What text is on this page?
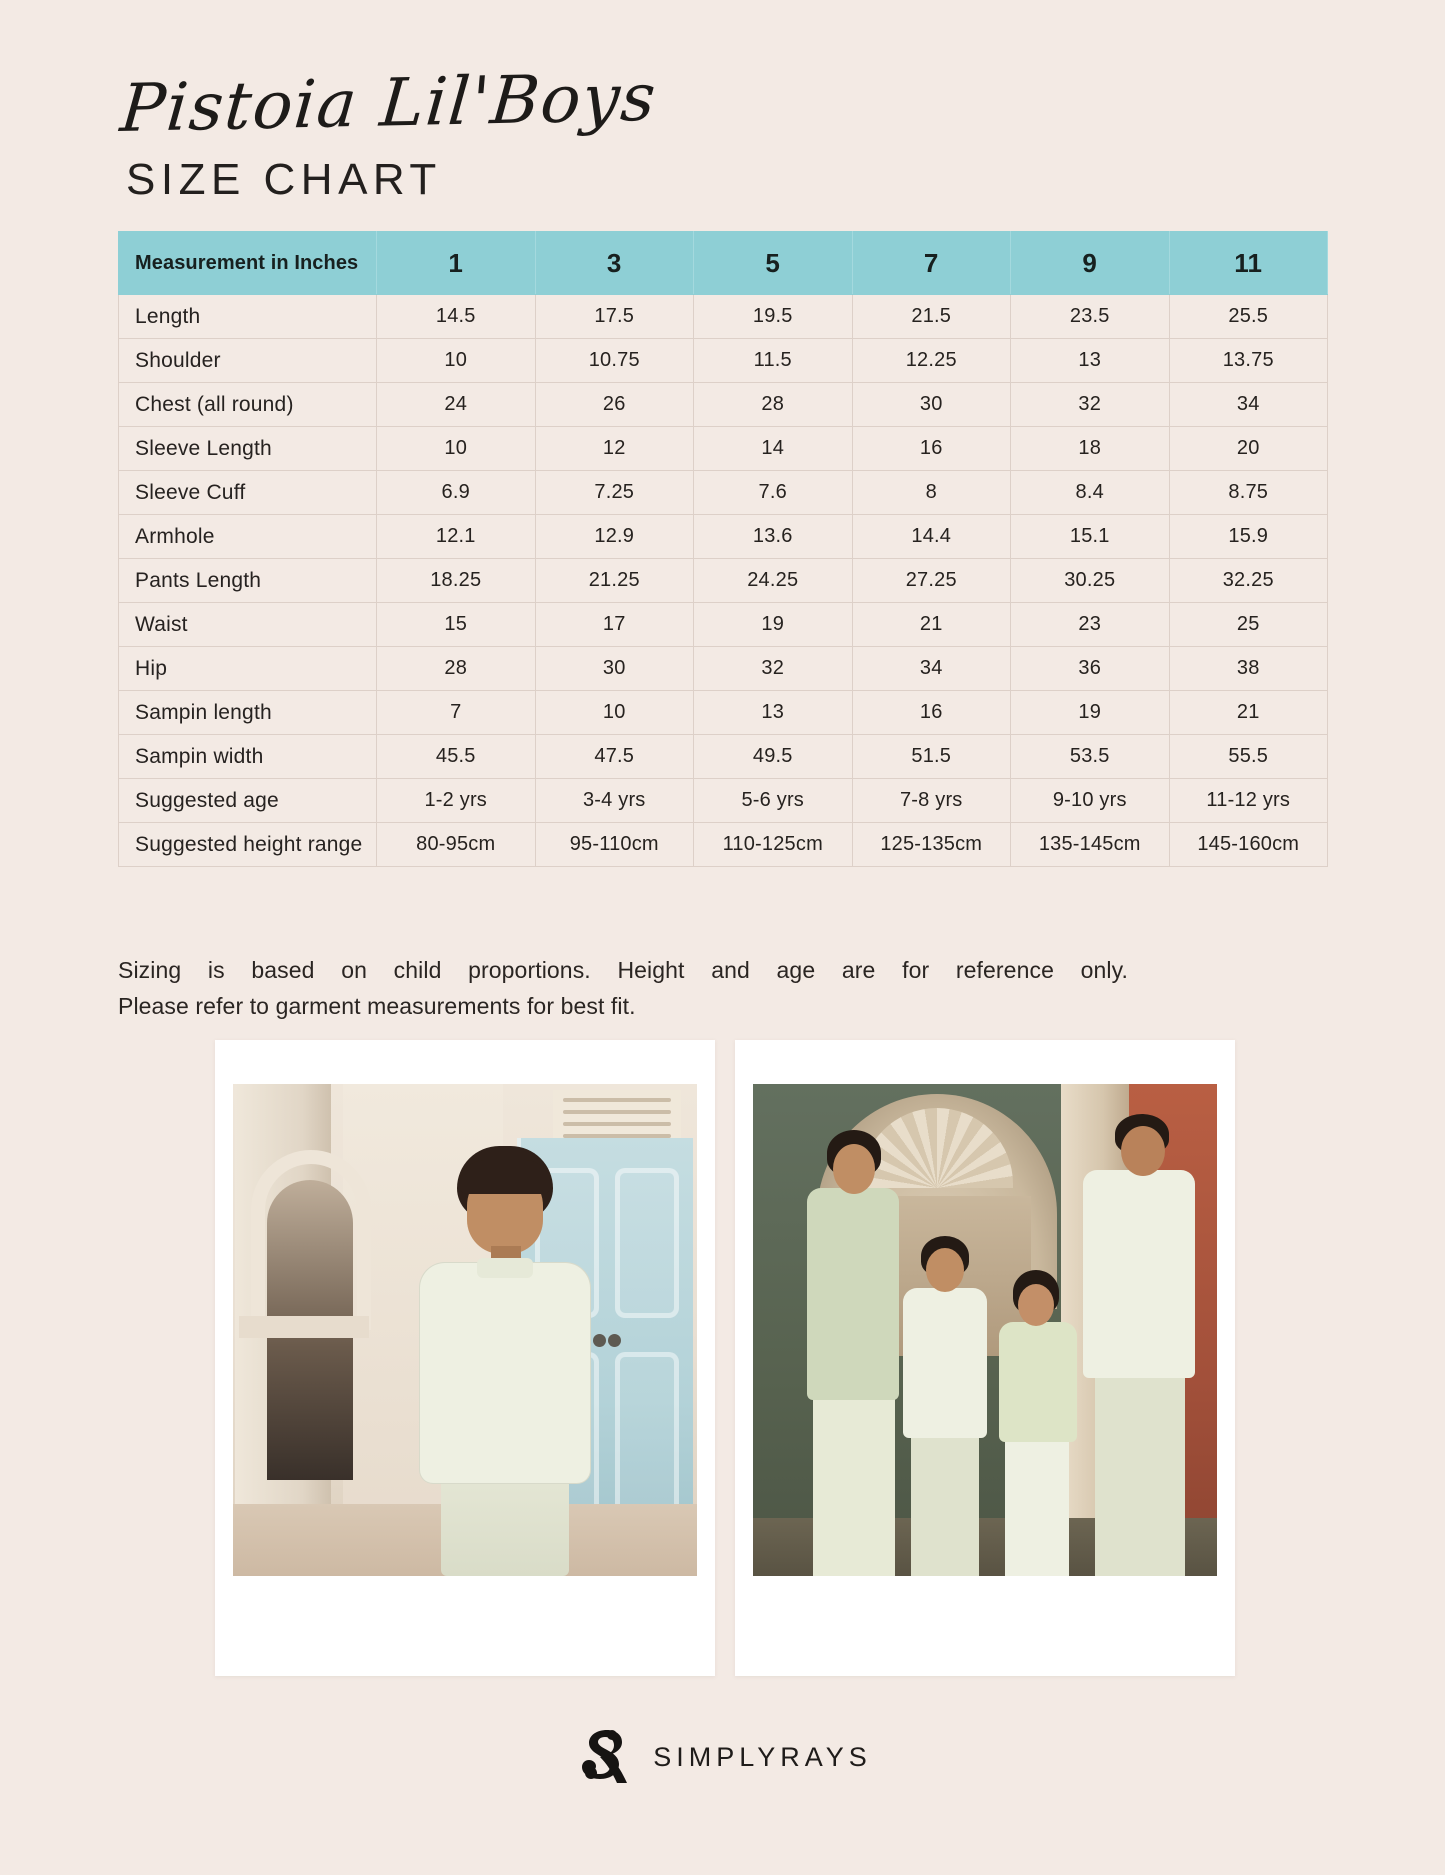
Pistoia Lil'Boys
SIZE CHART
Measurement in Inches	1	3	5	7	9	11
Length	14.5	17.5	19.5	21.5	23.5	25.5
Shoulder	10	10.75	11.5	12.25	13	13.75
Chest (all round)	24	26	28	30	32	34
Sleeve Length	10	12	14	16	18	20
Sleeve Cuff	6.9	7.25	7.6	8	8.4	8.75
Armhole	12.1	12.9	13.6	14.4	15.1	15.9
Pants Length	18.25	21.25	24.25	27.25	30.25	32.25
Waist	15	17	19	21	23	25
Hip	28	30	32	34	36	38
Sampin length	7	10	13	16	19	21
Sampin width	45.5	47.5	49.5	51.5	53.5	55.5
Suggested age	1-2 yrs	3-4 yrs	5-6 yrs	7-8 yrs	9-10 yrs	11-12 yrs
Suggested height range	80-95cm	95-110cm	110-125cm	125-135cm	135-145cm	145-160cm
Sizing is based on child proportions. Height and age are for reference only.
Please refer to garment measurements for best fit.
SIMPLYRAYS
